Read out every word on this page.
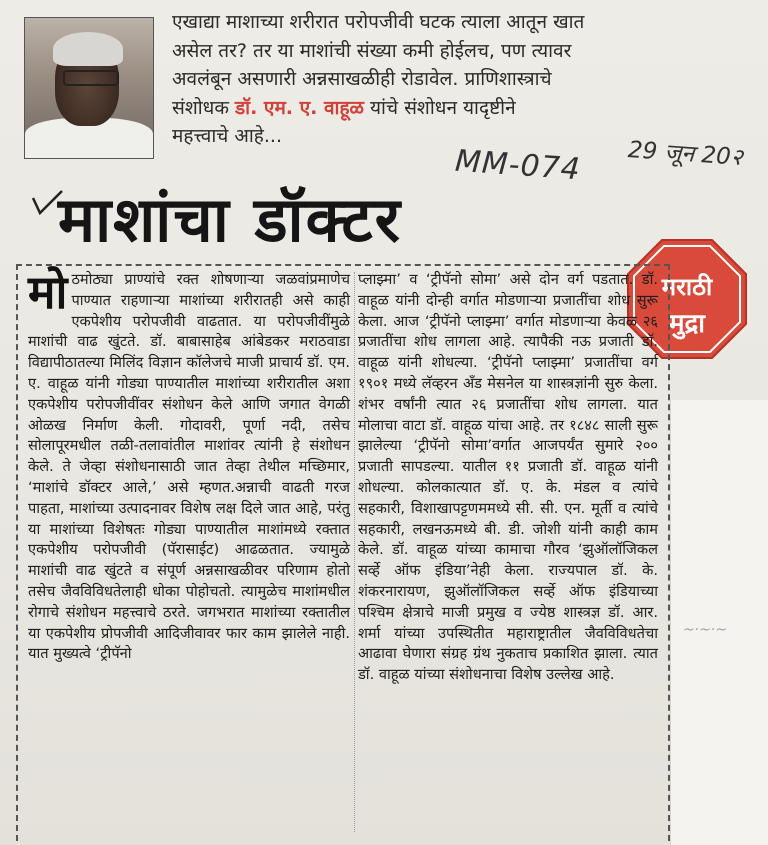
एखाद्या माशाच्या शरीरात परोपजीवी घटक त्याला आतून खात
असेल तर? तर या माशांची संख्या कमी होईलच, पण त्यावर
अवलंबून असणारी अन्नसाखळीही रोडावेल. प्राणिशास्त्राचे
संशोधक डॉ. एम. ए. वाहूळ यांचे संशोधन यादृष्टीने
महत्त्वाचे आहे...
MM-074 29 जून 20२
माशांचा डॉक्टर
मराठी
मुद्रा

मोठमोठ्या प्राण्यांचे रक्त शोषणाऱ्या जळवांप्रमाणेच पाण्यात राहणाऱ्या माशांच्या शरीरातही असे काही एकपेशीय परोपजीवी वाढतात. या परोपजीवींमुळे माशांची वाढ खुंटते. डॉ. बाबासाहेब आंबेडकर मराठवाडा विद्यापीठातल्या मिलिंद विज्ञान कॉलेजचे माजी प्राचार्य डॉ. एम. ए. वाहूळ यांनी गोड्या पाण्यातील माशांच्या शरीरातील अशा एकपेशीय परोपजीवींवर संशोधन केले आणि जगात वेगळी ओळख निर्माण केली. गोदावरी, पूर्णा नदी, तसेच सोलापूरमधील तळी-तलावांतील माशांवर त्यांनी हे संशोधन केले. ते जेव्हा संशोधनासाठी जात तेव्हा तेथील मच्छिमार, ‘माशांचे डॉक्टर आले,’ असे म्हणत.अन्नाची वाढती गरज पाहता, माशांच्या उत्पादनावर विशेष लक्ष दिले जात आहे, परंतु या माशांच्या विशेषतः गोड्या पाण्यातील माशांमध्ये रक्तात एकपेशीय परोपजीवी (पॅरासाईट) आढळतात. ज्यामुळे माशांची वाढ खुंटते व संपूर्ण अन्नसाखळीवर परिणाम होतो तसेच जैवविविधतेलाही धोका पोहोचतो. त्यामुळेच माशांमधील रोगाचे संशोधन महत्त्वाचे ठरते. जगभरात माशांच्या रक्तातील या एकपेशीय प्रोपजीवी आदिजीवावर फार काम झालेले नाही. यात मुख्यत्वे ‘ट्रीपॅनो

प्लाझ्मा’ व ‘ट्रीपॅनो सोमा’ असे दोन वर्ग पडतात. डॉ. वाहूळ यांनी दोन्ही वर्गात मोडणाऱ्या प्रजातींचा शोध सुरू केला. आज ‘ट्रीपॅनो प्लाझ्मा’ वर्गात मोडणाऱ्या केवळ २६ प्रजातींचा शोध लागला आहे. त्यापैकी नऊ प्रजाती डॉ. वाहूळ यांनी शोधल्या. ‘ट्रीपॅनो प्लाझ्मा’ प्रजातींचा वर्ग १९०१ मध्ये लॅव्हरन अँड मेसनेल या शास्त्रज्ञांनी सुरु केला. शंभर वर्षांनी त्यात २६ प्रजातींचा शोध लागला. यात मोलाचा वाटा डॉ. वाहूळ यांचा आहे. तर १८४८ साली सुरू झालेल्या ‘ट्रीपॅनो सोमा’वर्गात आजपर्यंत सुमारे २०० प्रजाती सापडल्या. यातील ११ प्रजाती डॉ. वाहूळ यांनी शोधल्या. कोलकात्यात डॉ. ए. के. मंडल व त्यांचे सहकारी, विशाखापट्टणममध्ये सी. सी. एन. मूर्ती व त्यांचे सहकारी, लखनऊमध्ये बी. डी. जोशी यांनी काही काम केले. डॉ. वाहूळ यांच्या कामाचा गौरव ‘झुऑलॉजिकल सर्व्हे ऑफ इंडिया’नेही केला. राज्यपाल डॉ. के. शंकरनारायण, झुऑलॉजिकल सर्व्हे ऑफ इंडियाच्या पश्चिम क्षेत्राचे माजी प्रमुख व ज्येष्ठ शास्त्रज्ञ डॉ. आर. शर्मा यांच्या उपस्थितीत महाराष्ट्रातील जैवविविधतेचा आढावा घेणारा संग्रह ग्रंथ नुकताच प्रकाशित झाला. त्यात डॉ. वाहूळ यांच्या संशोधनाचा विशेष उल्लेख आहे.

~·~·~
